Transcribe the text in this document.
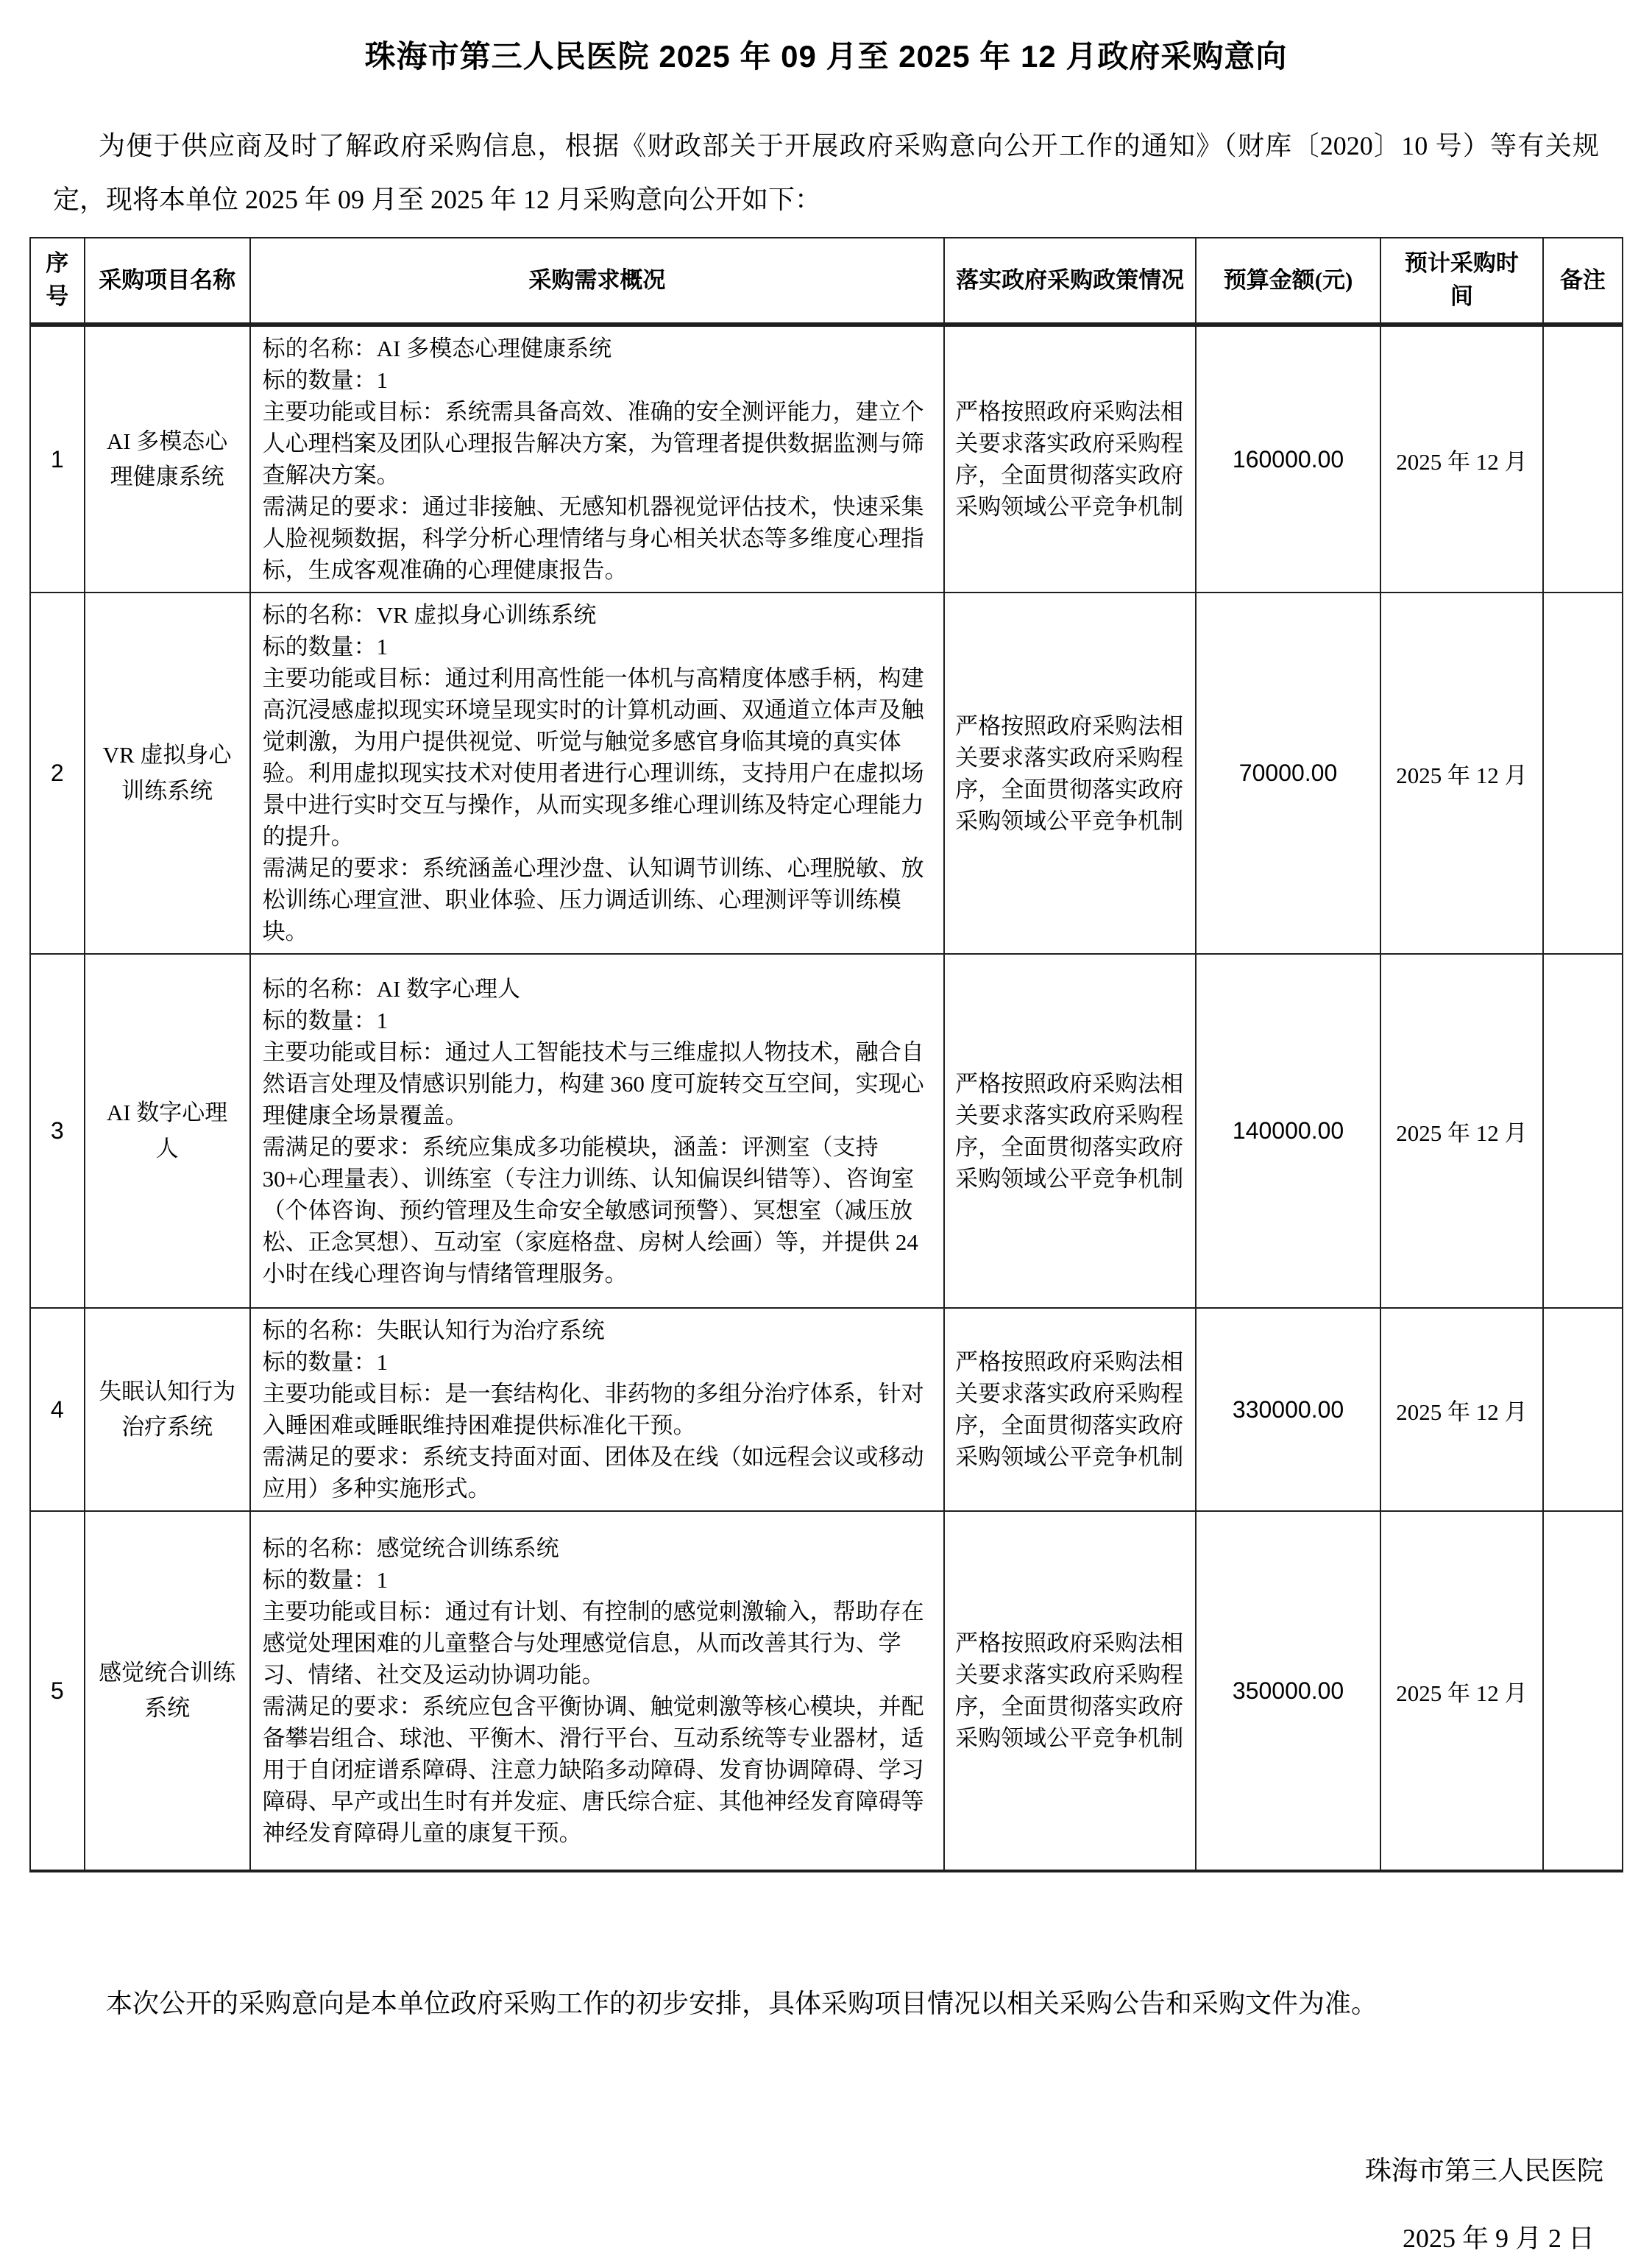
珠海市第三人民医院 2025 年 09 月至 2025 年 12 月政府采购意向

为便于供应商及时了解政府采购信息，根据《财政部关于开展政府采购意向公开工作的通知》（财库〔2020〕10 号）等有关规定，现将本单位 2025 年 09 月至 2025 年 12 月采购意向公开如下：

序号	采购项目名称	采购需求概况	落实政府采购政策情况	预算金额(元)	预计采购时间	备注
1	AI 多模态心理健康系统	标的名称：AI 多模态心理健康系统

标的数量：1

主要功能或目标：系统需具备高效、准确的安全测评能力，建立个人心理档案及团队心理报告解决方案，为管理者提供数据监测与筛查解决方案。

需满足的要求：通过非接触、无感知机器视觉评估技术，快速采集人脸视频数据，科学分析心理情绪与身心相关状态等多维度心理指标，生成客观准确的心理健康报告。	严格按照政府采购法相关要求落实政府采购程序，全面贯彻落实政府采购领域公平竞争机制	160000.00	2025 年 12 月	
2	VR 虚拟身心训练系统	标的名称：VR 虚拟身心训练系统

标的数量：1

主要功能或目标：通过利用高性能一体机与高精度体感手柄，构建高沉浸感虚拟现实环境呈现实时的计算机动画、双通道立体声及触觉刺激，为用户提供视觉、听觉与触觉多感官身临其境的真实体验。利用虚拟现实技术对使用者进行心理训练，支持用户在虚拟场景中进行实时交互与操作，从而实现多维心理训练及特定心理能力的提升。

需满足的要求：系统涵盖心理沙盘、认知调节训练、心理脱敏、放松训练心理宣泄、职业体验、压力调适训练、心理测评等训练模块。	严格按照政府采购法相关要求落实政府采购程序，全面贯彻落实政府采购领域公平竞争机制	70000.00	2025 年 12 月	
3	AI 数字心理人	标的名称：AI 数字心理人

标的数量：1

主要功能或目标：通过人工智能技术与三维虚拟人物技术，融合自然语言处理及情感识别能力，构建 360 度可旋转交互空间，实现心理健康全场景覆盖。

需满足的要求：系统应集成多功能模块，涵盖：评测室（支持 30+心理量表）、训练室（专注力训练、认知偏误纠错等）、咨询室（个体咨询、预约管理及生命安全敏感词预警）、冥想室（减压放松、正念冥想）、互动室（家庭格盘、房树人绘画）等，并提供 24 小时在线心理咨询与情绪管理服务。	严格按照政府采购法相关要求落实政府采购程序，全面贯彻落实政府采购领域公平竞争机制	140000.00	2025 年 12 月	
4	失眠认知行为治疗系统	标的名称：失眠认知行为治疗系统

标的数量：1

主要功能或目标：是一套结构化、非药物的多组分治疗体系，针对入睡困难或睡眠维持困难提供标准化干预。

需满足的要求：系统支持面对面、团体及在线（如远程会议或移动应用）多种实施形式。	严格按照政府采购法相关要求落实政府采购程序，全面贯彻落实政府采购领域公平竞争机制	330000.00	2025 年 12 月	
5	感觉统合训练系统	标的名称：感觉统合训练系统

标的数量：1

主要功能或目标：通过有计划、有控制的感觉刺激输入，帮助存在感觉处理困难的儿童整合与处理感觉信息，从而改善其行为、学习、情绪、社交及运动协调功能。

需满足的要求：系统应包含平衡协调、触觉刺激等核心模块，并配备攀岩组合、球池、平衡木、滑行平台、互动系统等专业器材，适用于自闭症谱系障碍、注意力缺陷多动障碍、发育协调障碍、学习障碍、早产或出生时有并发症、唐氏综合症、其他神经发育障碍等神经发育障碍儿童的康复干预。	严格按照政府采购法相关要求落实政府采购程序，全面贯彻落实政府采购领域公平竞争机制	350000.00	2025 年 12 月	

本次公开的采购意向是本单位政府采购工作的初步安排，具体采购项目情况以相关采购公告和采购文件为准。

珠海市第三人民医院

2025 年 9 月 2 日
